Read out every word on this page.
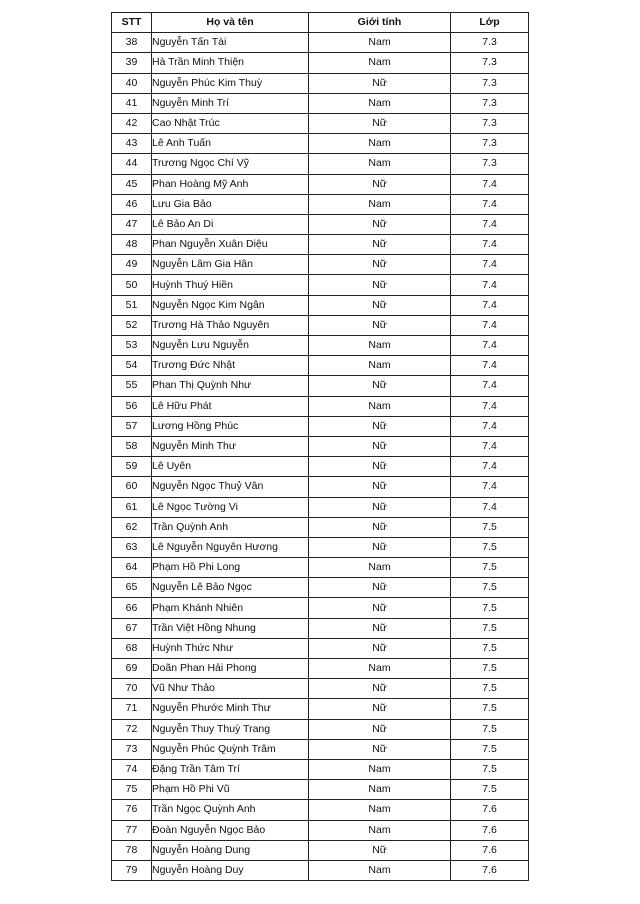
STT	Họ và tên	Giới tính	Lớp
38	Nguyễn Tấn Tài	Nam	7.3
39	Hà Trần Minh Thiện	Nam	7.3
40	Nguyễn Phúc Kim Thuỳ	Nữ	7.3
41	Nguyễn Minh Trí	Nam	7.3
42	Cao Nhật Trúc	Nữ	7.3
43	Lê Anh Tuấn	Nam	7.3
44	Trương Ngọc Chí Vỹ	Nam	7.3
45	Phan Hoàng Mỹ Anh	Nữ	7.4
46	Lưu Gia Bảo	Nam	7.4
47	Lê Bảo An Di	Nữ	7.4
48	Phan Nguyễn Xuân Diệu	Nữ	7.4
49	Nguyễn Lâm Gia Hân	Nữ	7.4
50	Huỳnh Thuý Hiền	Nữ	7.4
51	Nguyễn Ngọc Kim Ngân	Nữ	7.4
52	Trương Hà Thảo Nguyên	Nữ	7.4
53	Nguyễn Lưu Nguyễn	Nam	7.4
54	Trương Đức Nhật	Nam	7.4
55	Phan Thị Quỳnh Như	Nữ	7.4
56	Lê Hữu Phát	Nam	7.4
57	Lương Hồng Phúc	Nữ	7.4
58	Nguyễn Minh Thư	Nữ	7.4
59	Lê Uyên	Nữ	7.4
60	Nguyễn Ngọc Thuỷ Vân	Nữ	7.4
61	Lê Ngọc Tường Vi	Nữ	7.4
62	Trần Quỳnh Anh	Nữ	7.5
63	Lê Nguyễn Nguyên Hương	Nữ	7.5
64	Phạm Hồ Phi Long	Nam	7.5
65	Nguyễn Lê Bảo Ngọc	Nữ	7.5
66	Phạm Khánh Nhiên	Nữ	7.5
67	Trần Việt Hồng Nhung	Nữ	7.5
68	Huỳnh Thức Như	Nữ	7.5
69	Doãn Phan Hải Phong	Nam	7.5
70	Vũ Như Thảo	Nữ	7.5
71	Nguyễn Phước Minh Thư	Nữ	7.5
72	Nguyễn Thuy Thuỳ Trang	Nữ	7.5
73	Nguyễn Phúc Quỳnh Trâm	Nữ	7.5
74	Đặng Trần Tâm Trí	Nam	7.5
75	Phạm Hồ Phi Vũ	Nam	7.5
76	Trần Ngọc Quỳnh Anh	Nam	7.6
77	Đoàn Nguyễn Ngọc Bảo	Nam	7.6
78	Nguyễn Hoàng Dung	Nữ	7.6
79	Nguyễn Hoàng Duy	Nam	7.6
